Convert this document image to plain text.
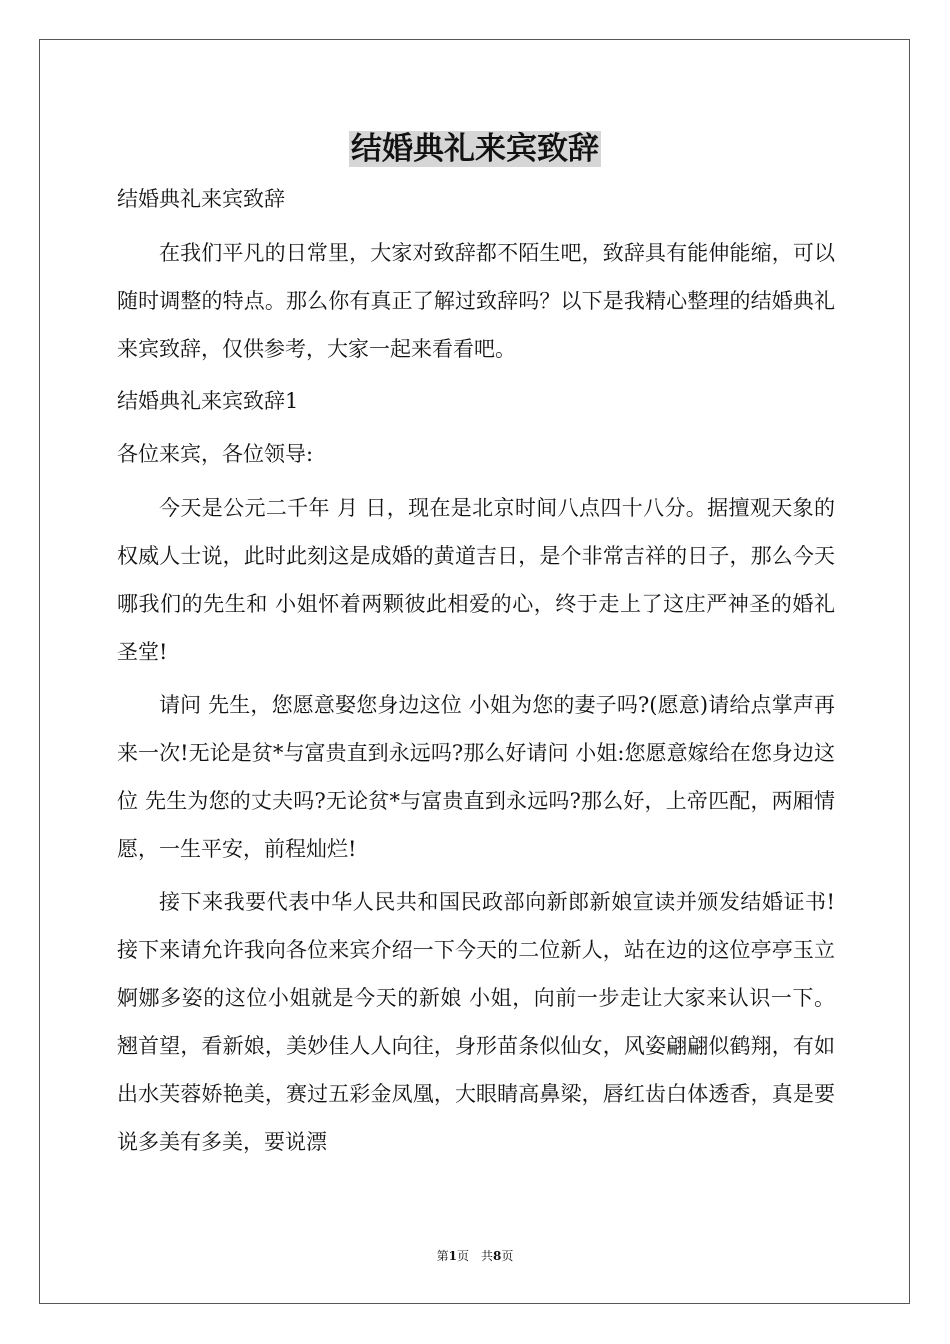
结婚典礼来宾致辞

结婚典礼来宾致辞

在我们平凡的日常里，大家对致辞都不陌生吧，致辞具有能伸能缩，可以随时调整的特点。那么你有真正了解过致辞吗？以下是我精心整理的结婚典礼来宾致辞，仅供参考，大家一起来看看吧。

结婚典礼来宾致辞1

各位来宾，各位领导:

今天是公元二千年 月 日，现在是北京时间八点四十八分。据擅观天象的权威人士说，此时此刻这是成婚的黄道吉日，是个非常吉祥的日子，那么今天哪我们的先生和 小姐怀着两颗彼此相爱的心，终于走上了这庄严神圣的婚礼圣堂!

请问 先生，您愿意娶您身边这位 小姐为您的妻子吗?(愿意)请给点掌声再来一次!无论是贫*与富贵直到永远吗?那么好请问 小姐:您愿意嫁给在您身边这位 先生为您的丈夫吗?无论贫*与富贵直到永远吗?那么好，上帝匹配，两厢情愿，一生平安，前程灿烂!

接下来我要代表中华人民共和国民政部向新郎新娘宣读并颁发结婚证书!接下来请允许我向各位来宾介绍一下今天的二位新人，站在边的这位亭亭玉立婀娜多姿的这位小姐就是今天的新娘 小姐，向前一步走让大家来认识一下。翘首望，看新娘，美妙佳人人向往，身形苗条似仙女，风姿翩翩似鹤翔，有如出水芙蓉娇艳美，赛过五彩金凤凰，大眼睛高鼻梁，唇红齿白体透香，真是要说多美有多美，要说漂

第1页 共8页
